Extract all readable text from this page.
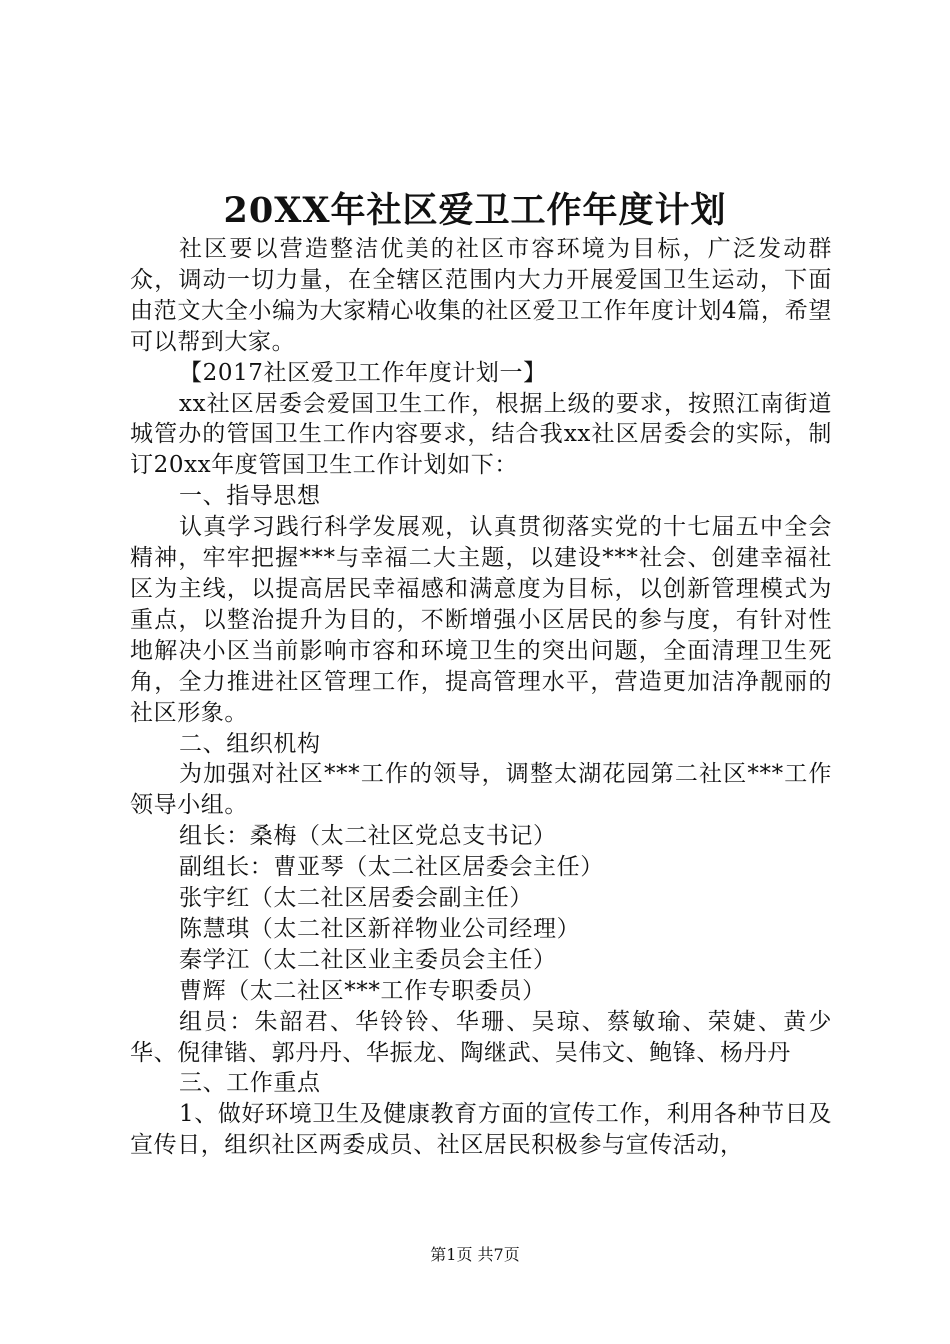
20XX年社区爱卫工作年度计划

社区要以营造整洁优美的社区市容环境为目标，广泛发动群众，调动一切力量，在全辖区范围内大力开展爱国卫生运动，下面由范文大全小编为大家精心收集的社区爱卫工作年度计划4篇，希望可以帮到大家。

【2017社区爱卫工作年度计划一】

xx社区居委会爱国卫生工作，根据上级的要求，按照江南街道城管办的管国卫生工作内容要求，结合我xx社区居委会的实际，制订20xx年度管国卫生工作计划如下：

一、指导思想

认真学习践行科学发展观，认真贯彻落实党的十七届五中全会精神，牢牢把握***与幸福二大主题，以建设***社会、创建幸福社区为主线，以提高居民幸福感和满意度为目标，以创新管理模式为重点，以整治提升为目的，不断增强小区居民的参与度，有针对性地解决小区当前影响市容和环境卫生的突出问题，全面清理卫生死角，全力推进社区管理工作，提高管理水平，营造更加洁净靓丽的社区形象。

二、组织机构

为加强对社区***工作的领导，调整太湖花园第二社区***工作领导小组。

组长：桑梅（太二社区党总支书记）

副组长：曹亚琴（太二社区居委会主任）

张宇红（太二社区居委会副主任）

陈慧琪（太二社区新祥物业公司经理）

秦学江（太二社区业主委员会主任）

曹辉（太二社区***工作专职委员）

组员：朱韶君、华铃铃、华珊、吴琼、蔡敏瑜、荣婕、黄少华、倪律锴、郭丹丹、华振龙、陶继武、吴伟文、鲍锋、杨丹丹

三、工作重点

1、做好环境卫生及健康教育方面的宣传工作，利用各种节日及宣传日，组织社区两委成员、社区居民积极参与宣传活动，

第1页 共7页
